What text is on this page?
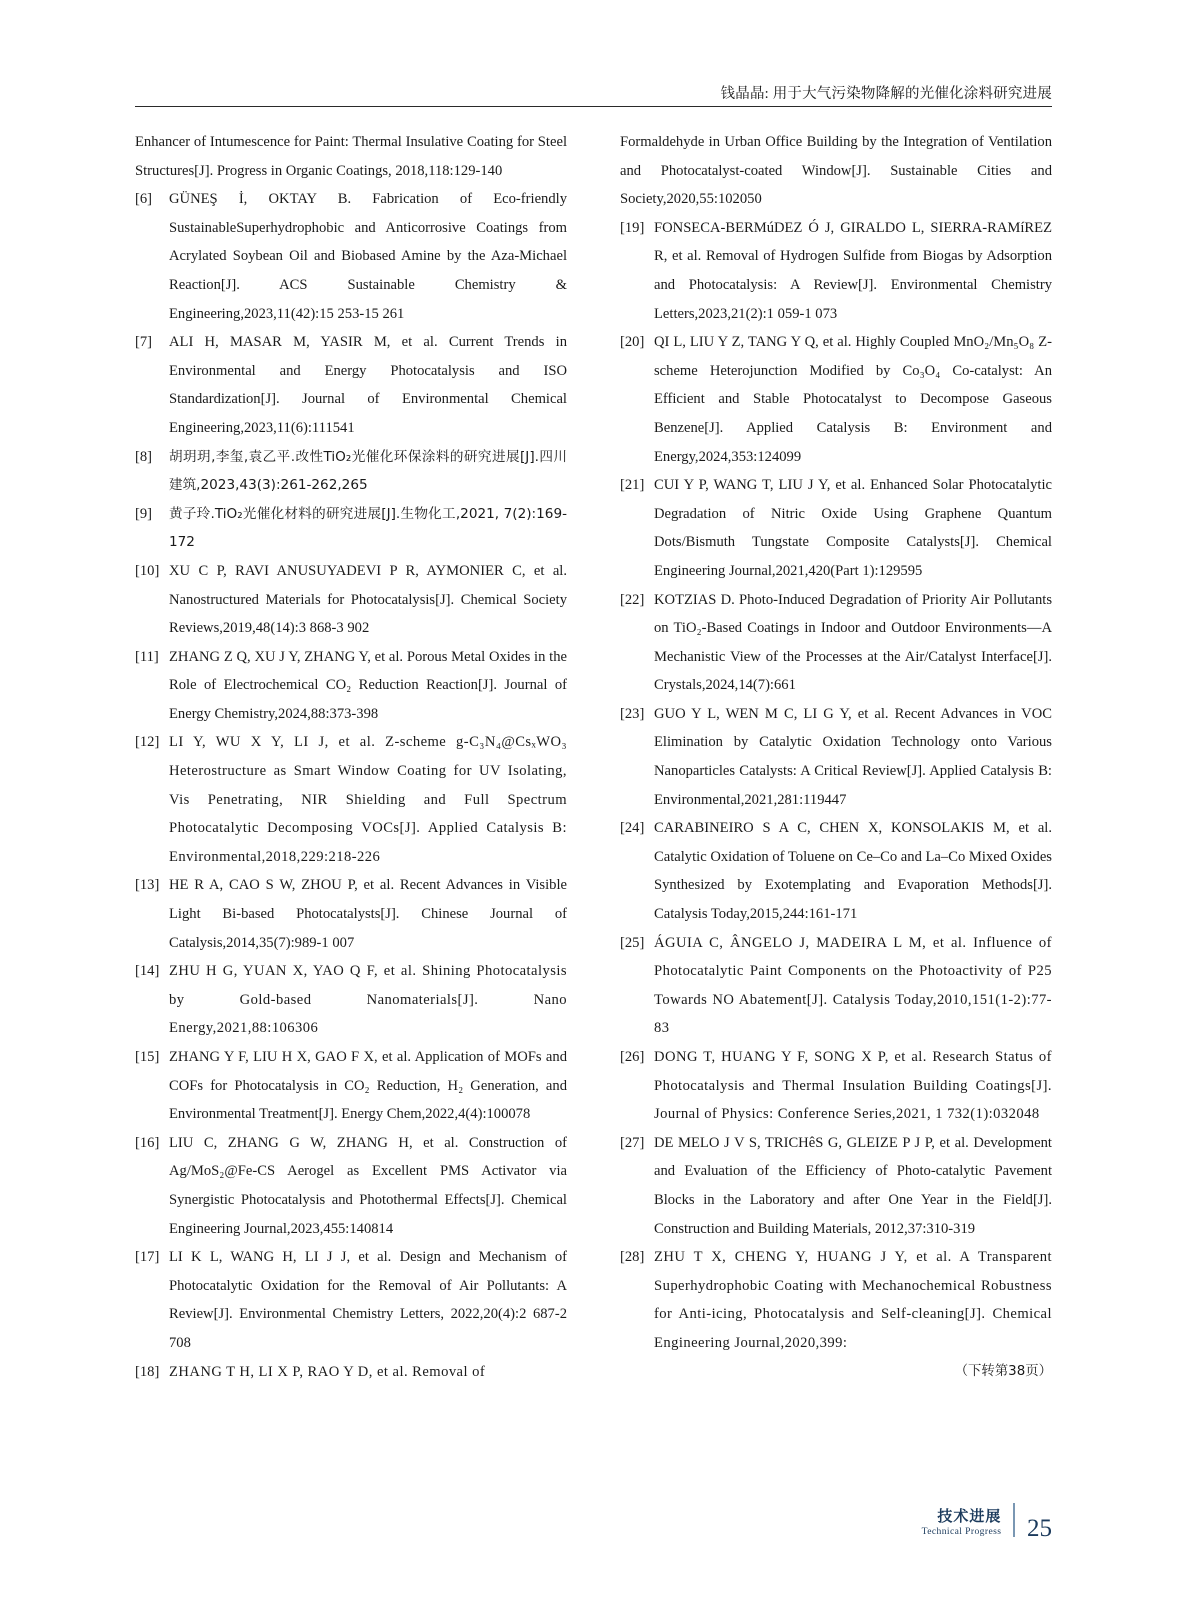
钱晶晶: 用于大气污染物降解的光催化涂料研究进展
Enhancer of Intumescence for Paint: Thermal Insulative Coating for Steel Structures[J]. Progress in Organic Coatings, 2018,118:129-140
[6]	GÜNEŞ İ, OKTAY B. Fabrication of Eco-friendly SustainableSuperhydrophobic and Anticorrosive Coatings from Acrylated Soybean Oil and Biobased Amine by the Aza-Michael Reaction[J]. ACS Sustainable Chemistry & Engineering,2023,11(42):15 253-15 261
[7]	ALI H, MASAR M, YASIR M, et al. Current Trends in Environmental and Energy Photocatalysis and ISO Standardization[J]. Journal of Environmental Chemical Engineering,2023,11(6):111541
[8]	胡玥玥,李玺,袁乙平.改性TiO₂光催化环保涂料的研究进展[J].四川建筑,2023,43(3):261-262,265
[9]	黄子玲.TiO₂光催化材料的研究进展[J].生物化工,2021, 7(2):169-172
[10] XU C P, RAVI ANUSUYADEVI P R, AYMONIER C, et al. Nanostructured Materials for Photocatalysis[J]. Chemical Society Reviews,2019,48(14):3 868-3 902
[11] ZHANG Z Q, XU J Y, ZHANG Y, et al. Porous Metal Oxides in the Role of Electrochemical CO₂ Reduction Reaction[J]. Journal of Energy Chemistry,2024,88:373-398
[12] LI Y, WU X Y, LI J, et al. Z-scheme g-C₃N₄@CsₓWO₃ Heterostructure as Smart Window Coating for UV Isolating, Vis Penetrating, NIR Shielding and Full Spectrum Photocatalytic Decomposing VOCs[J]. Applied Catalysis B: Environmental,2018,229:218-226
[13] HE R A, CAO S W, ZHOU P, et al. Recent Advances in Visible Light Bi-based Photocatalysts[J]. Chinese Journal of Catalysis,2014,35(7):989-1 007
[14] ZHU H G, YUAN X, YAO Q F, et al. Shining Photocatalysis by Gold-based Nanomaterials[J]. Nano Energy,2021,88:106306
[15] ZHANG Y F, LIU H X, GAO F X, et al. Application of MOFs and COFs for Photocatalysis in CO₂ Reduction, H₂ Generation, and Environmental Treatment[J]. Energy Chem,2022,4(4):100078
[16] LIU C, ZHANG G W, ZHANG H, et al. Construction of Ag/MoS₂@Fe-CS Aerogel as Excellent PMS Activator via Synergistic Photocatalysis and Photothermal Effects[J]. Chemical Engineering Journal,2023,455:140814
[17] LI K L, WANG H, LI J J, et al. Design and Mechanism of Photocatalytic Oxidation for the Removal of Air Pollutants: A Review[J]. Environmental Chemistry Letters, 2022,20(4):2 687-2 708
[18] ZHANG T H, LI X P, RAO Y D, et al. Removal of
Formaldehyde in Urban Office Building by the Integration of Ventilation and Photocatalyst-coated Window[J]. Sustainable Cities and Society,2020,55:102050
[19] FONSECA-BERMúDEZ Ó J, GIRALDO L, SIERRA-RAMíREZ R, et al. Removal of Hydrogen Sulfide from Biogas by Adsorption and Photocatalysis: A Review[J]. Environmental Chemistry Letters,2023,21(2):1 059-1 073
[20] QI L, LIU Y Z, TANG Y Q, et al. Highly Coupled MnO₂/Mn₅O₈ Z-scheme Heterojunction Modified by Co₃O₄ Co-catalyst: An Efficient and Stable Photocatalyst to Decompose Gaseous Benzene[J]. Applied Catalysis B: Environment and Energy,2024,353:124099
[21] CUI Y P, WANG T, LIU J Y, et al. Enhanced Solar Photocatalytic Degradation of Nitric Oxide Using Graphene Quantum Dots/Bismuth Tungstate Composite Catalysts[J]. Chemical Engineering Journal,2021,420(Part 1):129595
[22] KOTZIAS D. Photo-Induced Degradation of Priority Air Pollutants on TiO₂-Based Coatings in Indoor and Outdoor Environments—A Mechanistic View of the Processes at the Air/Catalyst Interface[J]. Crystals,2024,14(7):661
[23] GUO Y L, WEN M C, LI G Y, et al. Recent Advances in VOC Elimination by Catalytic Oxidation Technology onto Various Nanoparticles Catalysts: A Critical Review[J]. Applied Catalysis B: Environmental,2021,281:119447
[24] CARABINEIRO S A C, CHEN X, KONSOLAKIS M, et al. Catalytic Oxidation of Toluene on Ce–Co and La–Co Mixed Oxides Synthesized by Exotemplating and Evaporation Methods[J]. Catalysis Today,2015,244:161-171
[25] ÁGUIA C, ÂNGELO J, MADEIRA L M, et al. Influence of Photocatalytic Paint Components on the Photoactivity of P25 Towards NO Abatement[J]. Catalysis Today,2010,151(1-2):77-83
[26] DONG T, HUANG Y F, SONG X P, et al. Research Status of Photocatalysis and Thermal Insulation Building Coatings[J]. Journal of Physics: Conference Series,2021, 1 732(1):032048
[27] DE MELO J V S, TRICHêS G, GLEIZE P J P, et al. Development and Evaluation of the Efficiency of Photo-catalytic Pavement Blocks in the Laboratory and after One Year in the Field[J]. Construction and Building Materials, 2012,37:310-319
[28] ZHU T X, CHENG Y, HUANG J Y, et al. A Transparent Superhydrophobic Coating with Mechanochemical Robustness for Anti-icing, Photocatalysis and Self-cleaning[J]. Chemical Engineering Journal,2020,399:
（下转第38页）
技术进展
Technical Progress 25
